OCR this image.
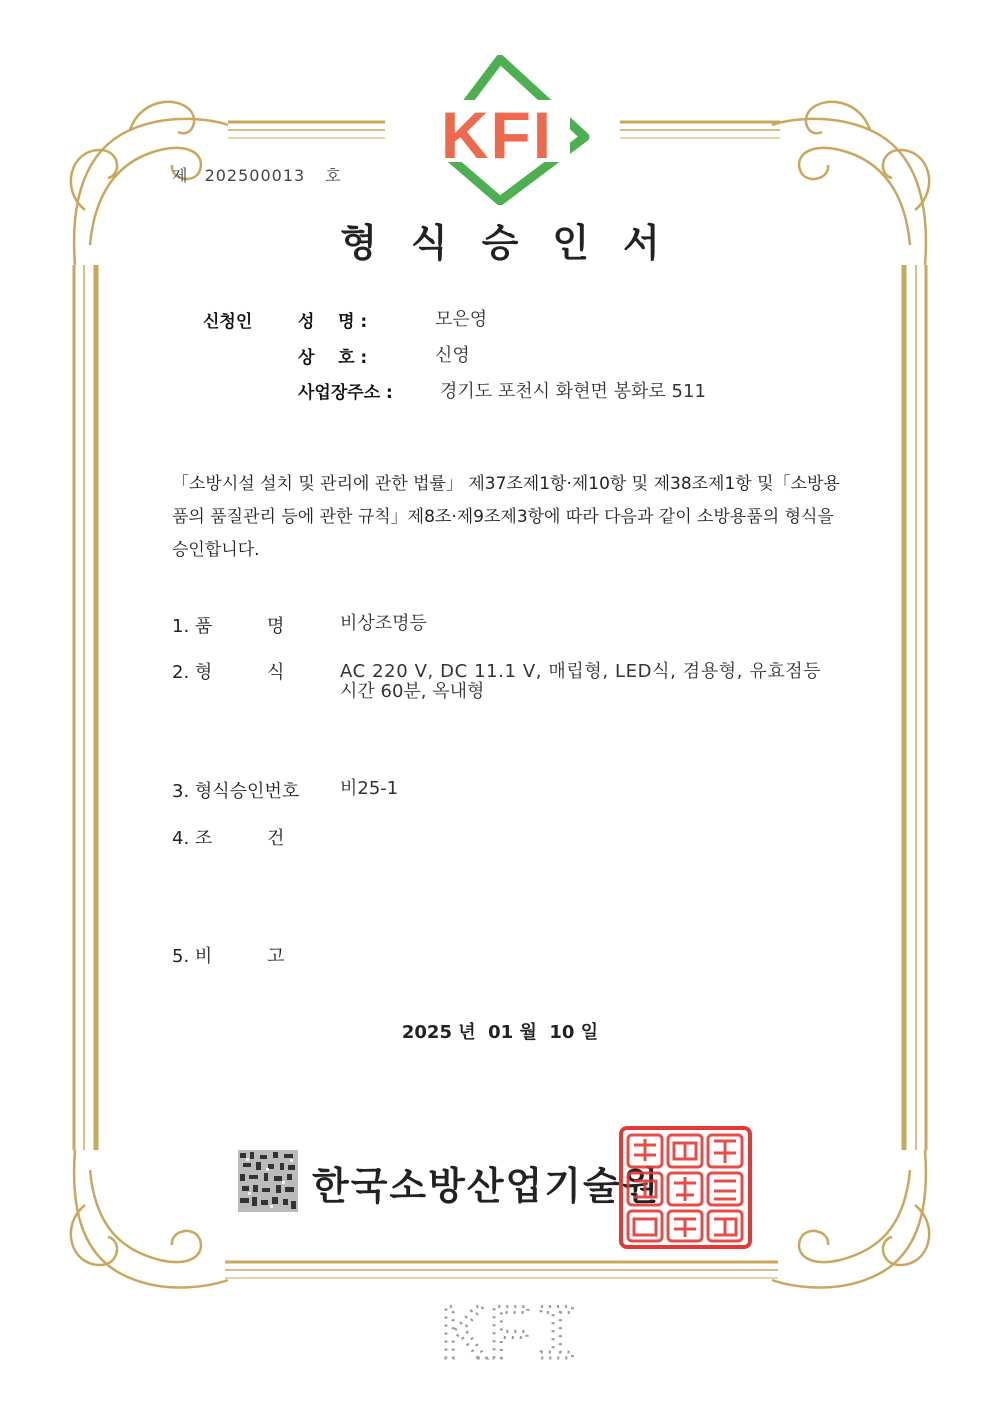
KFI
제 202500013 호
형식승인서
신청인	성    명 :	모은영
상    호 :	신영
사업장주소 :	경기도 포천시 화현면 봉화로 511
「소방시설 설치 및 관리에 관한 법률」 제37조제1항·제10항 및 제38조제1항 및「소방용품의 품질관리 등에 관한 규칙」제8조·제9조제3항에 따라 다음과 같이 소방용품의 형식을 승인합니다.
1. 품	명	비상조명등
2. 형	식	AC 220 V, DC 11.1 V, 매립형, LED식, 겸용형, 유효점등
시간 60분, 옥내형
3. 형식승인번호 비25-1
4. 조	건
5. 비	고
2025 년  01 월  10 일
한국소방산업기술원
KFI
